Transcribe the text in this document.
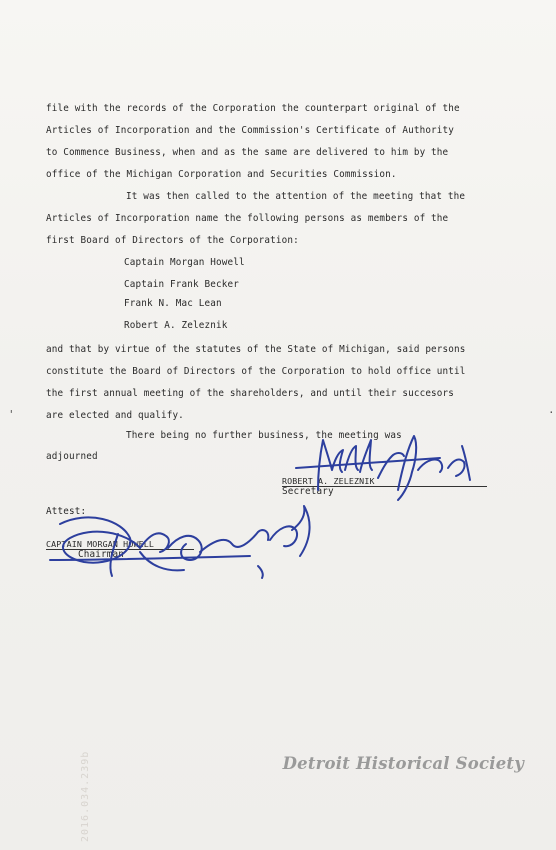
file with the records of the Corporation the counterpart original of the
Articles of Incorporation and the Commission's Certificate of Authority
to Commence Business, when and as the same are delivered to him by the
office of the Michigan Corporation and Securities Commission.
It was then called to the attention of the meeting that the
Articles of Incorporation name the following persons as members of the
first Board of Directors of the Corporation:
Captain Morgan Howell
Captain Frank Becker
Frank N. Mac Lean
Robert A. Zeleznik
and that by virtue of the statutes of the State of Michigan, said persons
constitute the Board of Directors of the Corporation to hold office until
the first annual meeting of the shareholders, and until their succesors
are elected and qualify.
There being no further business, the meeting was
adjourned
ROBERT A. ZELEZNIK
Secretary
Attest:
CAPTAIN MORGAN HOWELL
Chairman
'	·
Detroit Historical Society
2016.034.239b
